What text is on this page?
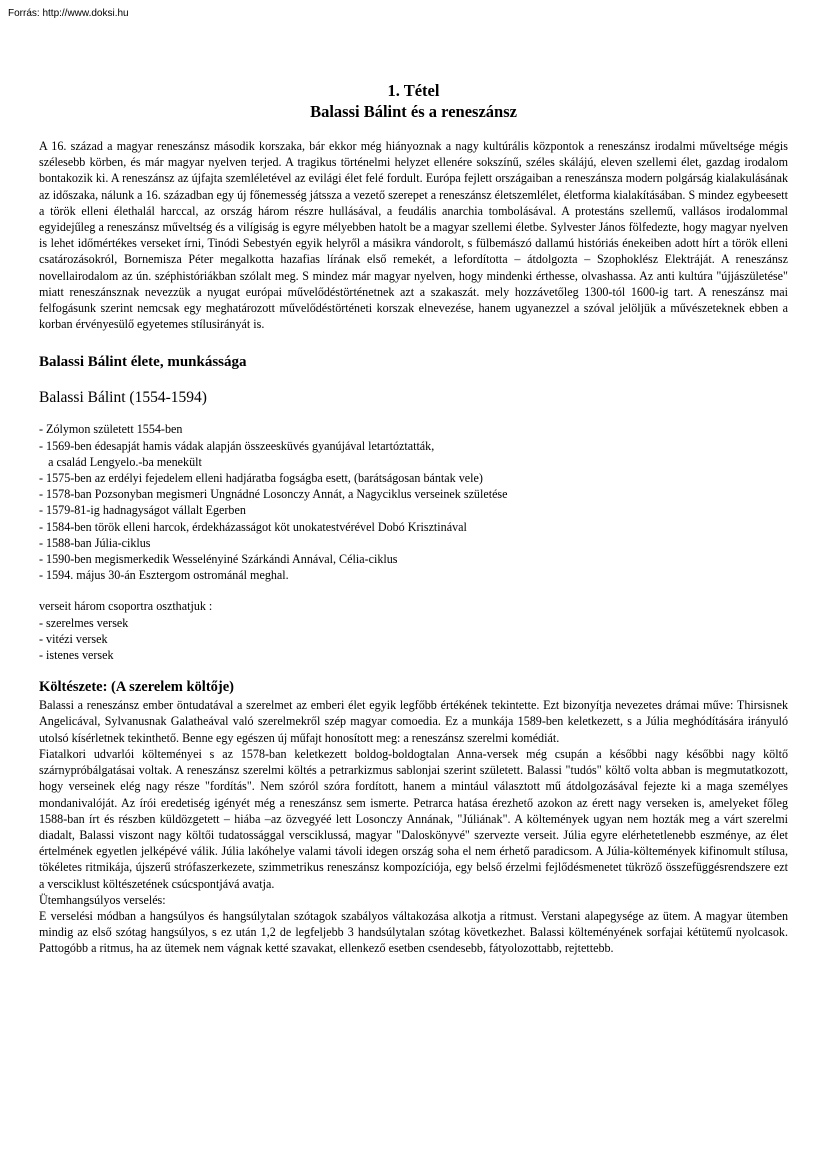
Forrás: http://www.doksi.hu
1. Tétel
Balassi Bálint és a reneszánsz

A 16. század a magyar reneszánsz második korszaka, bár ekkor még hiányoznak a nagy kultúrális központok a reneszánsz irodalmi műveltsége mégis szélesebb körben, és már magyar nyelven terjed. A tragikus történelmi helyzet ellenére sokszínű, széles skálájú, eleven szellemi élet, gazdag irodalom bontakozik ki. A reneszánsz az újfajta szemléletével az evilági élet felé fordult. Európa fejlett országaiban a reneszánsza modern polgárság kialakulásának az időszaka, nálunk a 16. században egy új főnemesség játssza a vezető szerepet a reneszánsz életszemlélet, életforma kialakításában. S mindez egybeesett a török elleni élethalál harccal, az ország három részre hullásával, a feudális anarchia tombolásával. A protestáns szellemű, vallásos irodalommal egyidejűleg a reneszánsz műveltség és a vilígiság is egyre mélyebben hatolt be a magyar szellemi életbe. Sylvester János fölfedezte, hogy magyar nyelven is lehet időmértékes verseket írni, Tinódi Sebestyén egyik helyről a másikra vándorolt, s fülbemászó dallamú históriás énekeiben adott hírt a török elleni csatározásokról, Bornemisza Péter megalkotta hazafias lírának első remekét, a lefordította – átdolgozta – Szophoklész Elektráját. A reneszánsz novellairodalom az ún. széphistóriákban szólalt meg. S mindez már magyar nyelven, hogy mindenki érthesse, olvashassa. Az anti kultúra "újjászületése" miatt reneszánsznak nevezzük a nyugat európai művelődéstörténetnek azt a szakaszát. mely hozzávetőleg 1300-tól 1600-ig tart. A reneszánsz mai felfogásunk szerint nemcsak egy meghatározott művelődéstörténeti korszak elnevezése, hanem ugyanezzel a szóval jelöljük a művészeteknek ebben a korban érvényesülő egyetemes stílusirányát is.

Balassi Bálint élete, munkássága
Balassi Bálint (1554-1594)
- Zólymon született 1554-ben
- 1569-ben édesapját hamis vádak alapján összeesküvés gyanújával letartóztatták,
a család Lengyelo.-ba menekült
- 1575-ben az erdélyi fejedelem elleni hadjáratba fogságba esett, (barátságosan bántak vele)
- 1578-ban Pozsonyban megismeri Ungnádné Losonczy Annát, a Nagyciklus verseinek születése
- 1579-81-ig hadnagyságot vállalt Egerben
- 1584-ben török elleni harcok, érdekházasságot köt unokatestvérével Dobó Krisztinával
- 1588-ban Júlia-ciklus
- 1590-ben megismerkedik Wesselényiné Szárkándi Annával, Célia-ciklus
- 1594. május 30-án Esztergom ostrománál meghal.

verseit három csoportra oszthatjuk :

- szerelmes versek
- vitézi versek
- istenes versek
Költészete: (A szerelem költője)

Balassi a reneszánsz ember öntudatával a szerelmet az emberi élet egyik legfőbb értékének tekintette. Ezt bizonyítja nevezetes drámai műve: Thirsisnek Angelicával, Sylvanusnak Galatheával való szerelmekről szép magyar comoedia. Ez a munkája 1589-ben keletkezett, s a Júlia meghódítására irányuló utolsó kísérletnek tekinthető. Benne egy egészen új műfajt honosított meg: a reneszánsz szerelmi komédiát.

Fiatalkori udvarlói költeményei s az 1578-ban keletkezett boldog-boldogtalan Anna-versek még csupán a későbbi nagy későbbi nagy költő szárnypróbálgatásai voltak. A reneszánsz szerelmi költés a petrarkizmus sablonjai szerint született. Balassi "tudós" költő volta abban is megmutatkozott, hogy verseinek elég nagy része "fordítás". Nem szóról szóra fordított, hanem a mintául választott mű átdolgozásával fejezte ki a maga személyes mondanivalóját. Az írói eredetiség igényét még a reneszánsz sem ismerte. Petrarca hatása érezhető azokon az érett nagy verseken is, amelyeket főleg 1588-ban írt és részben küldözgetett – hiába –az özvegyéé lett Losonczy Annának, "Júliának". A költemények ugyan nem hozták meg a várt szerelmi diadalt, Balassi viszont nagy költői tudatossággal versciklussá, magyar "Daloskönyvé" szervezte verseit. Júlia egyre elérhetetlenebb eszménye, az élet értelmének egyetlen jelképévé válik. Júlia lakóhelye valami távoli idegen ország soha el nem érhető paradicsom. A Júlia-költemények kifinomult stílusa, tökéletes ritmikája, újszerű strófaszerkezete, szimmetrikus reneszánsz kompozíciója, egy belső érzelmi fejlődésmenetet tükröző összefüggésrendszere ezt a versciklust költészetének csúcspontjává avatja.

Ütemhangsúlyos verselés:

E verselési módban a hangsúlyos és hangsúlytalan szótagok szabályos váltakozása alkotja a ritmust. Verstani alapegysége az ütem. A magyar ütemben mindig az első szótag hangsúlyos, s ez után 1,2 de legfeljebb 3 handsúlytalan szótag következhet. Balassi költeményének sorfajai kétütemű nyolcasok. Pattogóbb a ritmus, ha az ütemek nem vágnak ketté szavakat, ellenkező esetben csendesebb, fátyolozottabb, rejtettebb.
